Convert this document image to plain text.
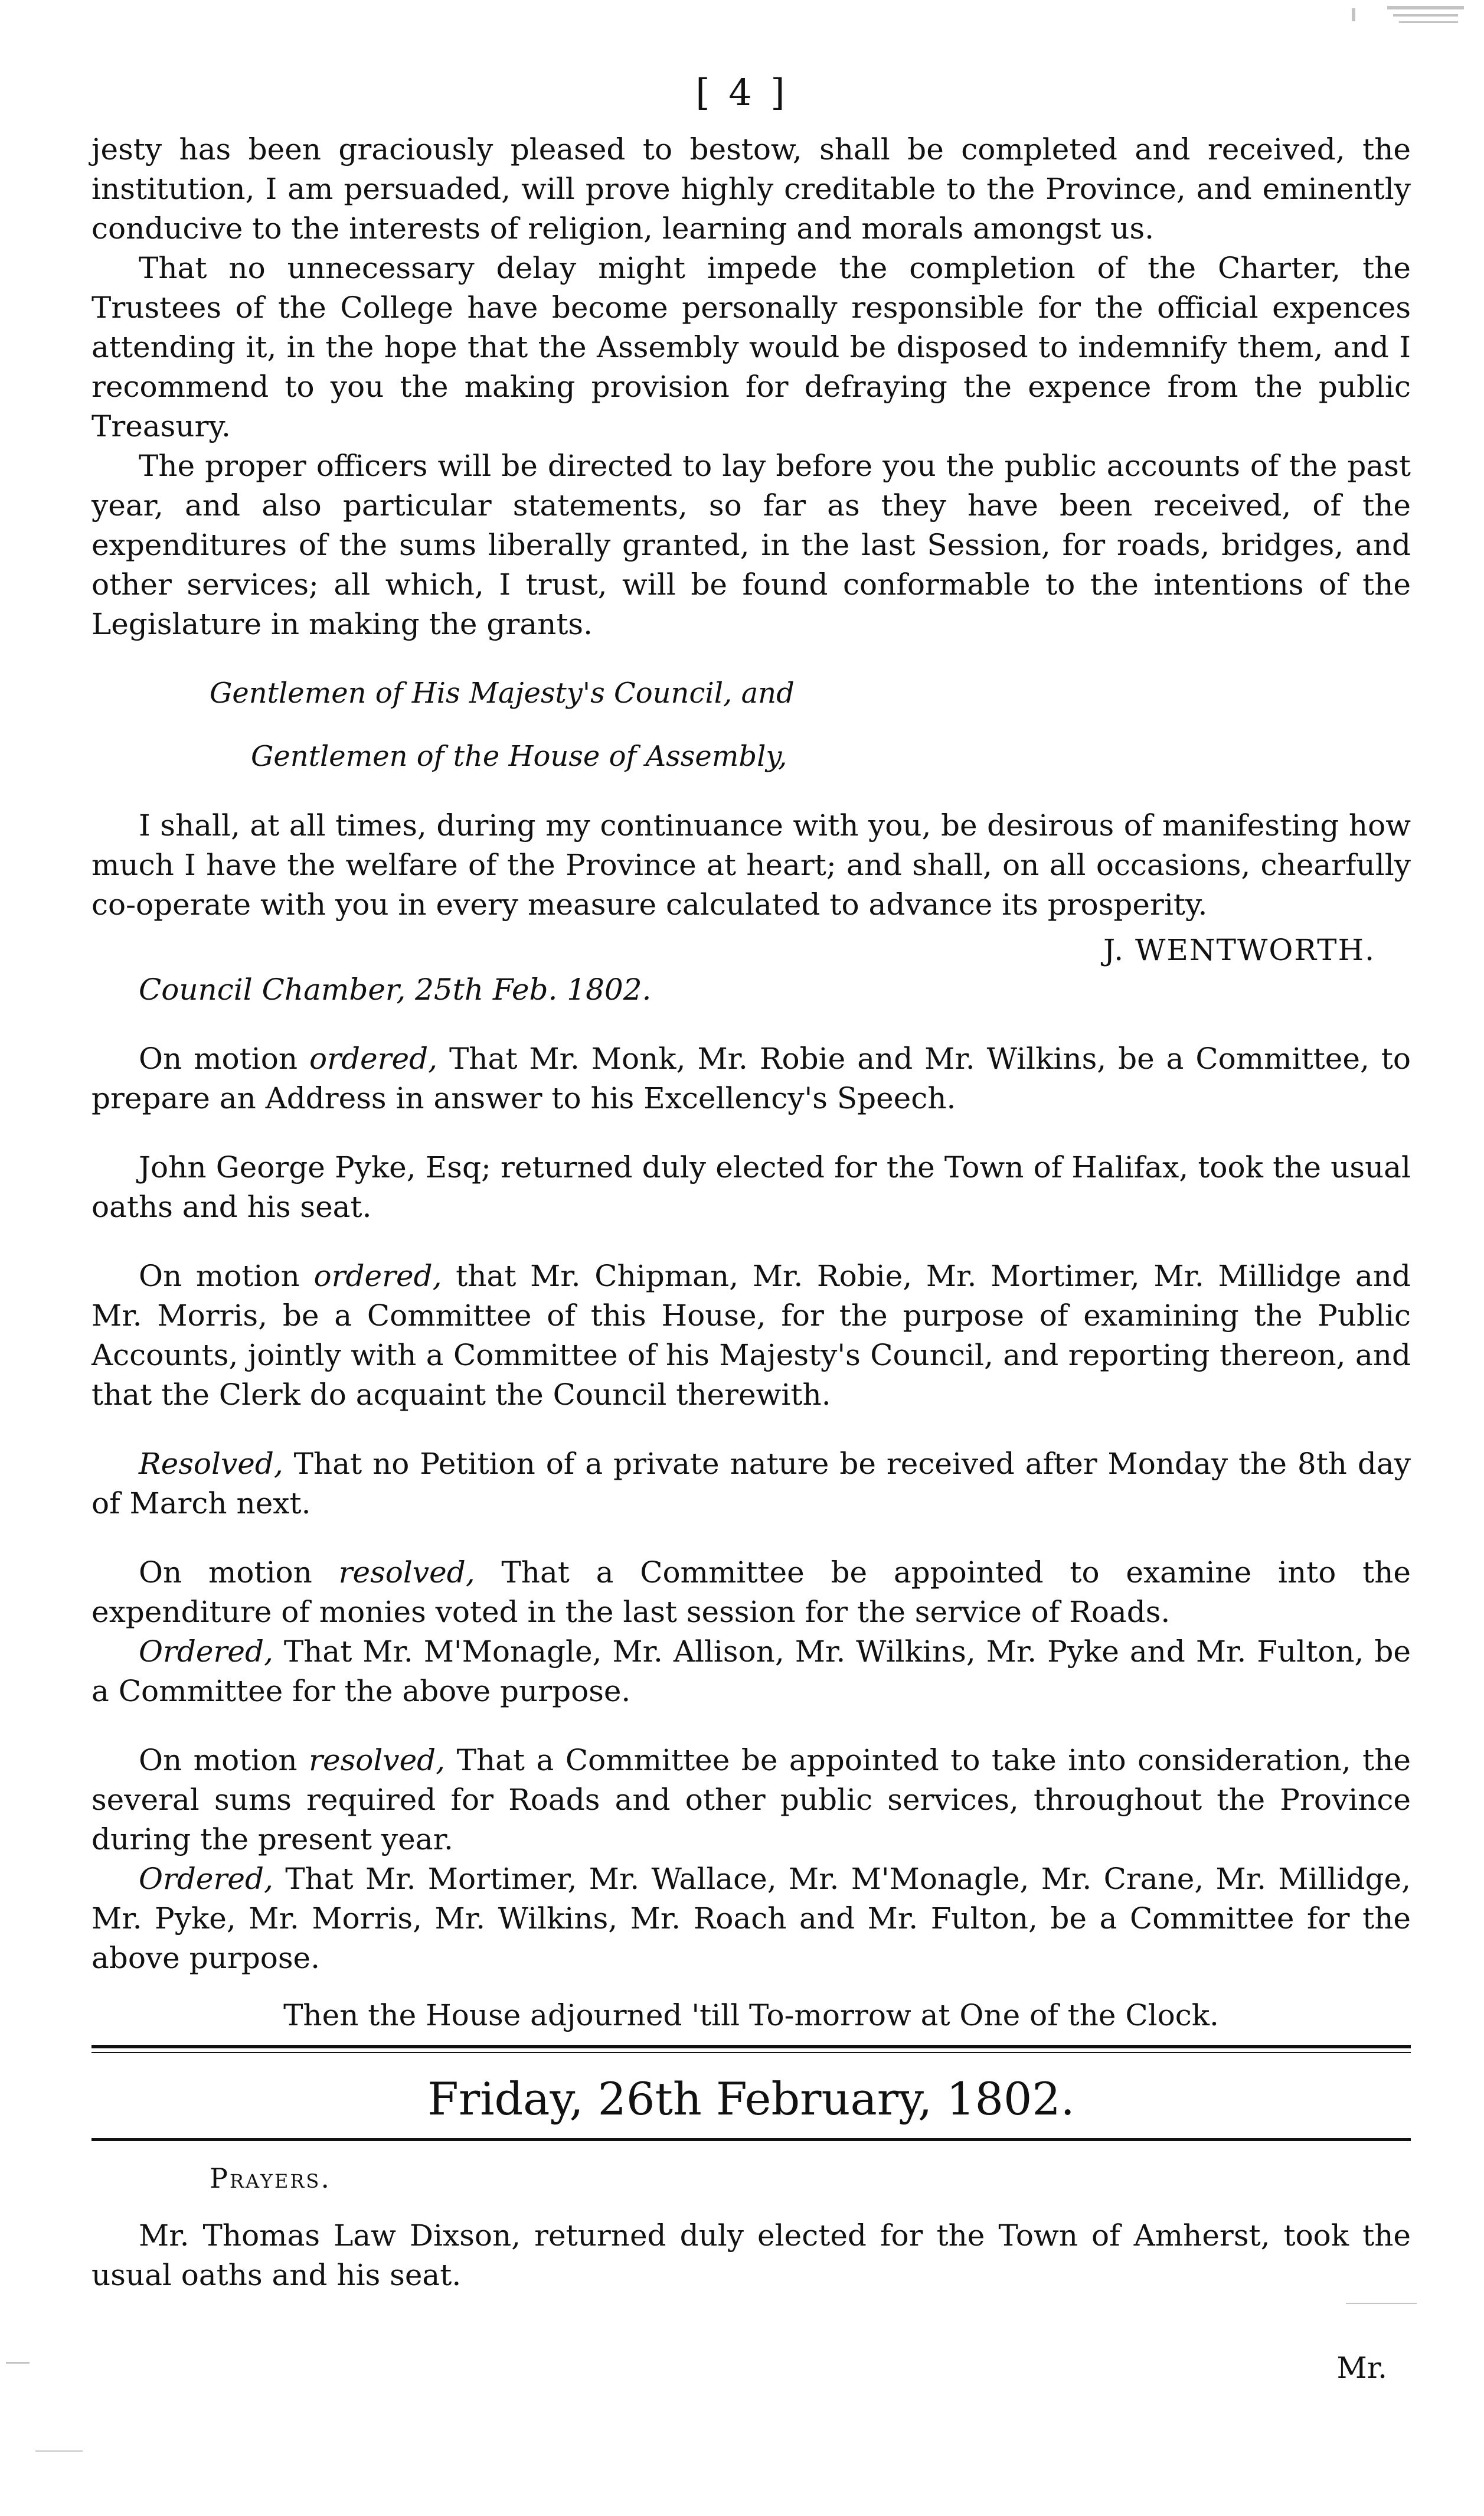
[ 4 ]

jesty has been graciously pleased to bestow, shall be completed and received, the institution, I am persuaded, will prove highly creditable to the Province, and eminently conducive to the interests of religion, learning and morals amongst us.

That no unnecessary delay might impede the completion of the Charter, the Trustees of the College have become personally responsible for the official expences attending it, in the hope that the Assembly would be disposed to indemnify them, and I recommend to you the making provision for defraying the expence from the public Treasury.

The proper officers will be directed to lay before you the public accounts of the past year, and also particular statements, so far as they have been received, of the expenditures of the sums liberally granted, in the last Session, for roads, bridges, and other services; all which, I trust, will be found conformable to the intentions of the Legislature in making the grants.

Gentlemen of His Majesty's Council, and

Gentlemen of the House of Assembly,

I shall, at all times, during my continuance with you, be desirous of manifesting how much I have the welfare of the Province at heart; and shall, on all occasions, chearfully co-operate with you in every measure calculated to advance its prosperity.

J. WENTWORTH.

Council Chamber, 25th Feb. 1802.

On motion ordered, That Mr. Monk, Mr. Robie and Mr. Wilkins, be a Committee, to prepare an Address in answer to his Excellency's Speech.

John George Pyke, Esq; returned duly elected for the Town of Halifax, took the usual oaths and his seat.

On motion ordered, that Mr. Chipman, Mr. Robie, Mr. Mortimer, Mr. Millidge and Mr. Morris, be a Committee of this House, for the purpose of examining the Public Accounts, jointly with a Committee of his Majesty's Council, and reporting thereon, and that the Clerk do acquaint the Council therewith.

Resolved, That no Petition of a private nature be received after Monday the 8th day of March next.

On motion resolved, That a Committee be appointed to examine into the expenditure of monies voted in the last session for the service of Roads.

Ordered, That Mr. M'Monagle, Mr. Allison, Mr. Wilkins, Mr. Pyke and Mr. Fulton, be a Committee for the above purpose.

On motion resolved, That a Committee be appointed to take into consideration, the several sums required for Roads and other public services, throughout the Province during the present year.

Ordered, That Mr. Mortimer, Mr. Wallace, Mr. M'Monagle, Mr. Crane, Mr. Millidge, Mr. Pyke, Mr. Morris, Mr. Wilkins, Mr. Roach and Mr. Fulton, be a Committee for the above purpose.

Then the House adjourned 'till To-morrow at One of the Clock.

Friday, 26th February, 1802.

Prayers.

Mr. Thomas Law Dixson, returned duly elected for the Town of Amherst, took the usual oaths and his seat.

Mr.
